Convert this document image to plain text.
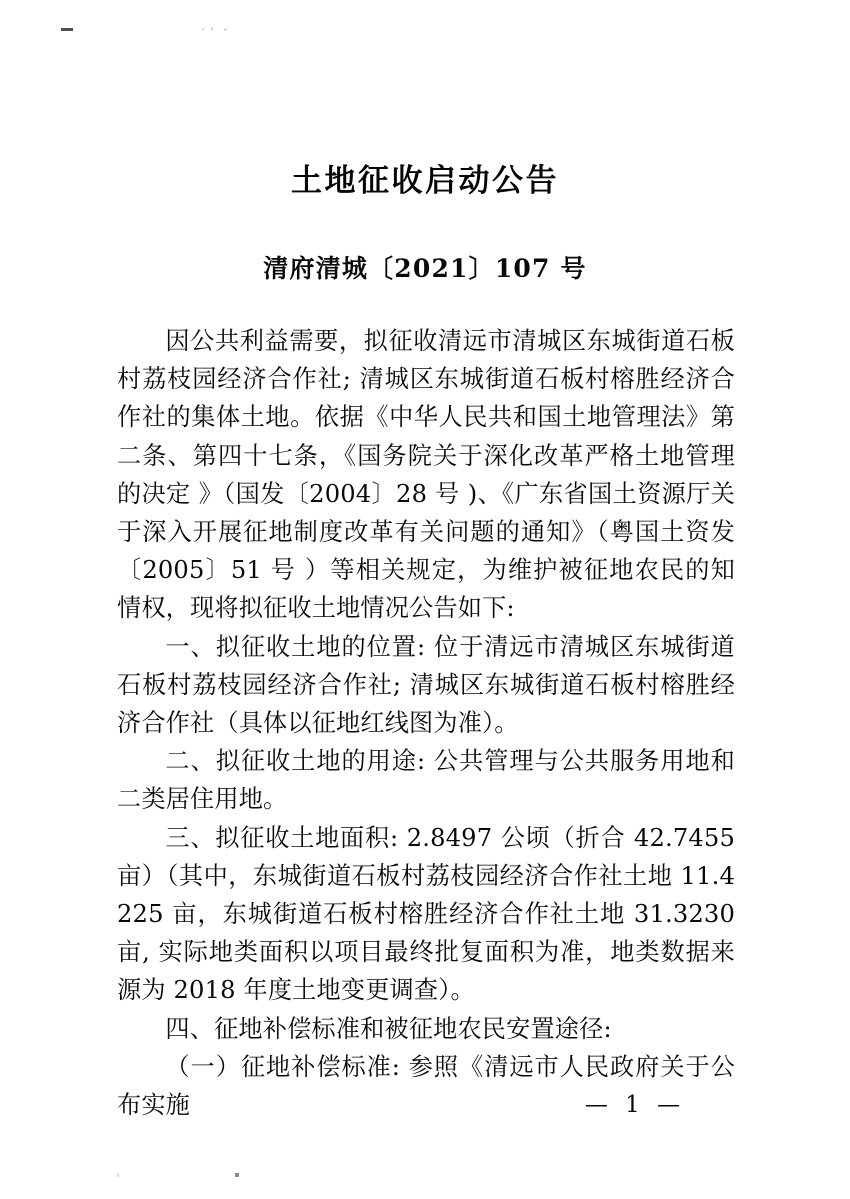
土地征收启动公告
清府清城〔2021〕107 号

因公共利益需要，拟征收清远市清城区东城街道石板村荔枝园经济合作社; 清城区东城街道石板村榕胜经济合作社的集体土地。依据《中华人民共和国土地管理法》第二条、第四十七条，《国务院关于深化改革严格土地管理的决定 》（国发〔2004〕28 号 )、《广东省国土资源厅关于深入开展征地制度改革有关问题的通知》（粤国土资发〔2005〕51 号 ）等相关规定，为维护被征地农民的知情权，现将拟征收土地情况公告如下:

一、拟征收土地的位置: 位于清远市清城区东城街道石板村荔枝园经济合作社; 清城区东城街道石板村榕胜经济合作社（具体以征地红线图为准）。

二、拟征收土地的用途: 公共管理与公共服务用地和二类居住用地。

三、拟征收土地面积: 2.8497 公顷（折合 42.7455 亩）（其中，东城街道石板村荔枝园经济合作社土地 11.4225 亩，东城街道石板村榕胜经济合作社土地 31.3230 亩, 实际地类面积以项目最终批复面积为准，地类数据来源为 2018 年度土地变更调查）。

四、征地补偿标准和被征地农民安置途径:

（一）征地补偿标准: 参照《清远市人民政府关于公布实施	— 1 —
